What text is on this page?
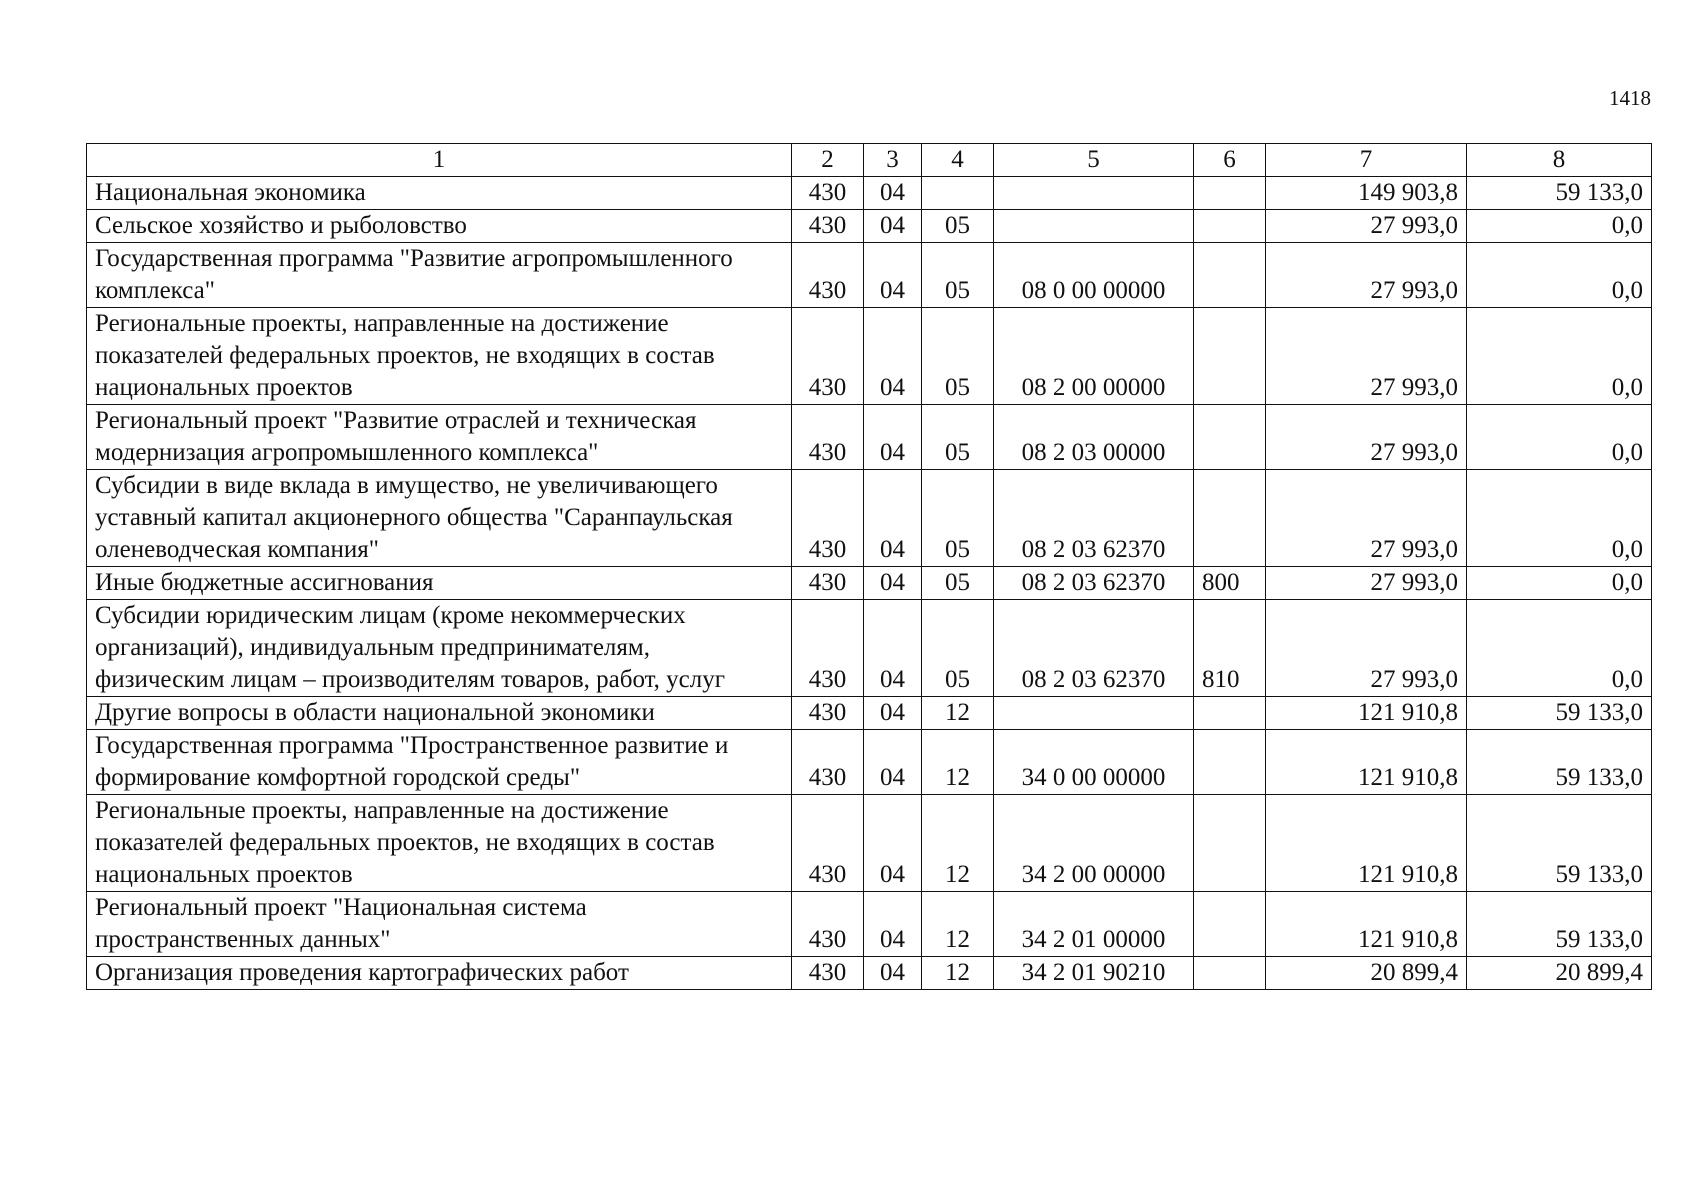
1418
1	2	3	4	5	6	7	8
Национальная экономика	430	04				149 903,8	59 133,0
Сельское хозяйство и рыболовство	430	04	05			27 993,0	0,0
Государственная программа "Развитие агропромышленного комплекса"	430	04	05	08 0 00 00000		27 993,0	0,0
Региональные проекты, направленные на достижение показателей федеральных проектов, не входящих в состав национальных проектов	430	04	05	08 2 00 00000		27 993,0	0,0
Региональный проект "Развитие отраслей и техническая модернизация агропромышленного комплекса"	430	04	05	08 2 03 00000		27 993,0	0,0
Субсидии в виде вклада в имущество, не увеличивающего уставный капитал акционерного общества "Саранпаульская оленеводческая компания"	430	04	05	08 2 03 62370		27 993,0	0,0
Иные бюджетные ассигнования	430	04	05	08 2 03 62370	800	27 993,0	0,0
Субсидии юридическим лицам (кроме некоммерческих организаций), индивидуальным предпринимателям, физическим лицам – производителям товаров, работ, услуг	430	04	05	08 2 03 62370	810	27 993,0	0,0
Другие вопросы в области национальной экономики	430	04	12			121 910,8	59 133,0
Государственная программа "Пространственное развитие и формирование комфортной городской среды"	430	04	12	34 0 00 00000		121 910,8	59 133,0
Региональные проекты, направленные на достижение показателей федеральных проектов, не входящих в состав национальных проектов	430	04	12	34 2 00 00000		121 910,8	59 133,0
Региональный проект "Национальная система пространственных данных"	430	04	12	34 2 01 00000		121 910,8	59 133,0
Организация проведения картографических работ	430	04	12	34 2 01 90210		20 899,4	20 899,4
